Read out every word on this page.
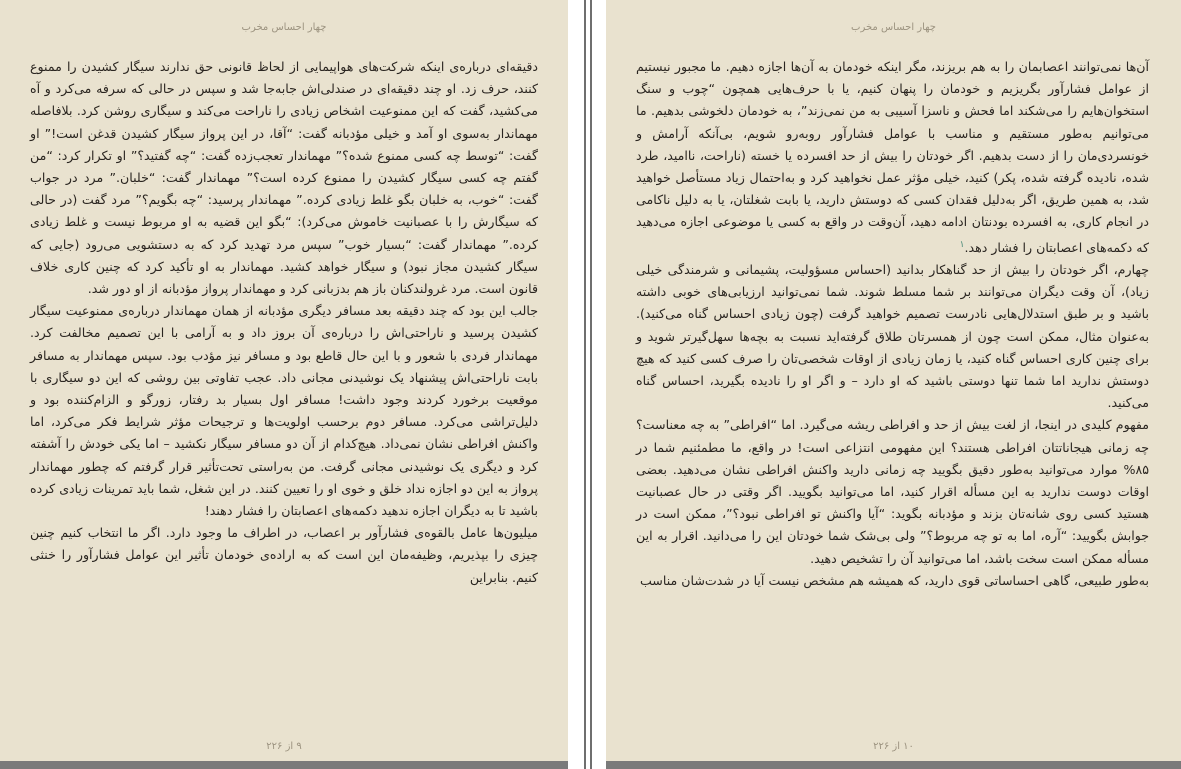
چهار احساس مخرب

دقیقه‌ای درباره‌ی اینکه شرکت‌های هواپیمایی از لحاظ قانونی حق ندارند سیگار کشیدن را ممنوع کنند، حرف زد. او چند دقیقه‌ای در صندلی‌اش جابه‌جا شد و سپس در حالی که سرفه می‌کرد و آه می‌کشید، گفت که این ممنوعیت اشخاص زیادی را ناراحت می‌کند و سیگاری روشن کرد. بلافاصله مهماندار به‌سوی او آمد و خیلی مؤدبانه گفت: “آقا، در این پرواز سیگار کشیدن قدغن است!” او گفت: “توسط چه کسی ممنوع شده؟” مهماندار تعجب‌زده گفت: “چه گفتید؟” او تکرار کرد: “من گفتم چه کسی سیگار کشیدن را ممنوع کرده است؟” مهماندار گفت: “خلبان.” مرد در جواب گفت: “خوب، به خلبان بگو غلط زیادی کرده.” مهماندار پرسید: “چه بگویم؟” مرد گفت (در حالی که سیگارش را با عصبانیت خاموش می‌کرد): “بگو این قضیه به او مربوط نیست و غلط زیادی کرده.” مهماندار گفت: “بسیار خوب” سپس مرد تهدید کرد که به دستشویی می‌رود (جایی که سیگار کشیدن مجاز نبود) و سیگار خواهد کشید. مهماندار به او تأکید کرد که چنین کاری خلاف قانون است. مرد غرولندکنان باز هم بدزبانی کرد و مهماندار پرواز مؤدبانه از او دور شد.

جالب این بود که چند دقیقه بعد مسافر دیگری مؤدبانه از همان مهماندار درباره‌ی ممنوعیت سیگار کشیدن پرسید و ناراحتی‌اش را درباره‌ی آن بروز داد و به آرامی با این تصمیم مخالفت کرد. مهماندار فردی با شعور و با این حال قاطع بود و مسافر نیز مؤدب بود. سپس مهماندار به مسافر بابت ناراحتی‌اش پیشنهاد یک نوشیدنی مجانی داد. عجب تفاوتی بین روشی که این دو سیگاری با موقعیت برخورد کردند وجود داشت! مسافر اول بسیار بد رفتار، زورگو و الزام‌کننده بود و دلیل‌تراشی می‌کرد. مسافر دوم برحسب اولویت‌ها و ترجیحات مؤثر شرایط فکر می‌کرد، اما واکنش افراطی نشان نمی‌داد. هیچ‌کدام از آن دو مسافر سیگار نکشید – اما یکی خودش را آشفته کرد و دیگری یک نوشیدنی مجانی گرفت. من به‌راستی تحت‌تأثیر قرار گرفتم که چطور مهماندار پرواز به این دو اجازه نداد خلق و خوی او را تعیین کنند. در این شغل، شما باید تمرینات زیادی کرده باشید تا به دیگران اجازه ندهید دکمه‌های اعصابتان را فشار دهند!

میلیون‌ها عامل بالقوه‌ی فشارآور بر اعصاب، در اطراف ما وجود دارد. اگر ما انتخاب کنیم چنین چیزی را بپذیریم، وظیفه‌مان این است که به اراده‌ی خودمان تأثیر این عوامل فشارآور را خنثی کنیم. بنابراین

۹ از ۲۲۶
چهار احساس مخرب

آن‌ها نمی‌توانند اعصابمان را به هم بریزند، مگر اینکه خودمان به آن‌ها اجازه دهیم. ما مجبور نیستیم از عوامل فشارآور بگریزیم و خودمان را پنهان کنیم، یا با حرف‌هایی همچون “چوب و سنگ استخوان‌هایم را می‌شکند اما فحش و ناسزا آسیبی به من نمی‌زند”، به خودمان دلخوشی بدهیم. ما می‌توانیم به‌طور مستقیم و مناسب با عوامل فشارآور روبه‌رو شویم، بی‌آنکه آرامش و خونسردی‌مان را از دست بدهیم. اگر خودتان را بیش از حد افسرده یا خسته (ناراحت، ناامید، طرد شده، نادیده گرفته شده، پکر) کنید، خیلی مؤثر عمل نخواهید کرد و به‌احتمال زیاد مستأصل خواهید شد، به همین طریق، اگر به‌دلیل فقدان کسی که دوستش دارید، یا بابت شغلتان، یا به دلیل ناکامی در انجام کاری، به افسرده بودنتان ادامه دهید، آن‌وقت در واقع به کسی یا موضوعی اجازه می‌دهید که دکمه‌های اعصابتان را فشار دهد.$^۱$

چهارم، اگر خودتان را بیش از حد گناهکار بدانید (احساس مسؤولیت، پشیمانی و شرمندگی خیلی زیاد)، آن وقت دیگران می‌توانند بر شما مسلط شوند. شما نمی‌توانید ارزیابی‌های خوبی داشته باشید و بر طبق استدلال‌هایی نادرست تصمیم خواهید گرفت (چون زیادی احساس گناه می‌کنید). به‌عنوان مثال، ممکن است چون از همسرتان طلاق گرفته‌اید نسبت به بچه‌ها سهل‌گیرتر شوید و برای چنین کاری احساس گناه کنید، یا زمان زیادی از اوقات شخصی‌تان را صرف کسی کنید که هیچ دوستش ندارید اما شما تنها دوستی باشید که او دارد – و اگر او را نادیده بگیرید، احساس گناه می‌کنید.

مفهوم کلیدی در اینجا، از لغت بیش از حد و افراطی ریشه می‌گیرد. اما “افراطی” به چه معناست؟ چه زمانی هیجاناتتان افراطی هستند؟ این مفهومی انتزاعی است! در واقع، ما مطمئنیم شما در ۸۵% موارد می‌توانید به‌طور دقیق بگویید چه زمانی دارید واکنش افراطی نشان می‌دهید. بعضی اوقات دوست ندارید به این مسأله اقرار کنید، اما می‌توانید بگویید. اگر وقتی در حال عصبانیت هستید کسی روی شانه‌تان بزند و مؤدبانه بگوید: “آیا واکنش تو افراطی نبود؟”، ممکن است در جوابش بگویید: “آره، اما به تو چه مربوط؟” ولی بی‌شک شما خودتان این را می‌دانید. اقرار به این مسأله ممکن است سخت باشد، اما می‌توانید آن را تشخیص دهید.

به‌طور طبیعی، گاهی احساساتی قوی دارید، که همیشه هم مشخص نیست آیا در شدت‌شان مناسب

۱۰ از ۲۲۶
